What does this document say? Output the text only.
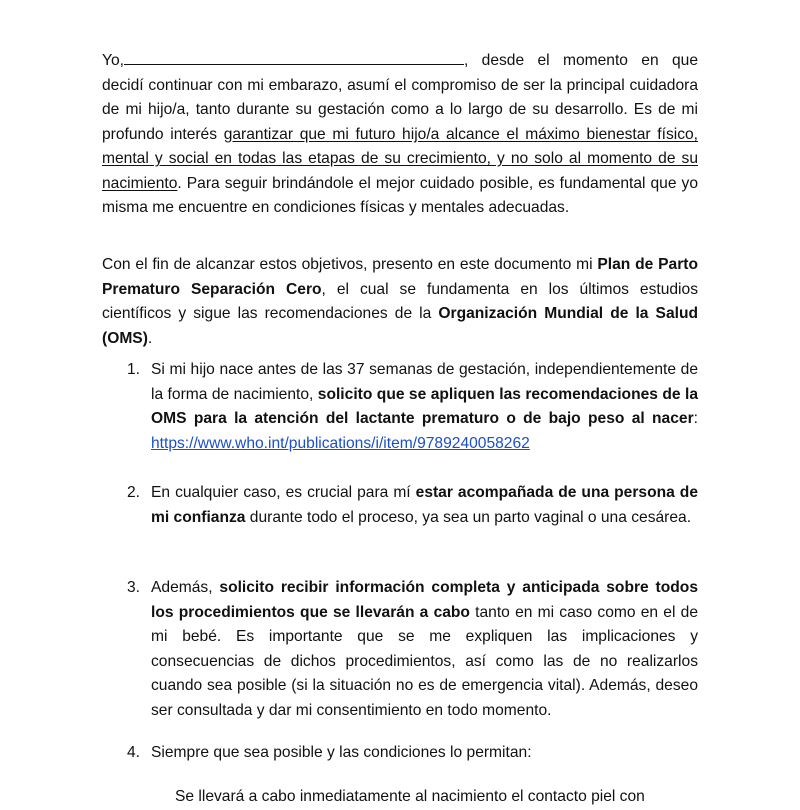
Yo,	, desde el momento en que decidí continuar con mi embarazo, asumí el compromiso de ser la principal cuidadora de mi hijo/a, tanto durante su gestación como a lo largo de su desarrollo. Es de mi profundo interés garantizar que mi futuro hijo/a alcance el máximo bienestar físico, mental y social en todas las etapas de su crecimiento, y no solo al momento de su nacimiento. Para seguir brindándole el mejor cuidado posible, es fundamental que yo misma me encuentre en condiciones físicas y mentales adecuadas.

Con el fin de alcanzar estos objetivos, presento en este documento mi Plan de Parto Prematuro Separación Cero, el cual se fundamenta en los últimos estudios científicos y sigue las recomendaciones de la Organización Mundial de la Salud (OMS).

1. Si mi hijo nace antes de las 37 semanas de gestación, independientemente de la forma de nacimiento, solicito que se apliquen las recomendaciones de la OMS para la atención del lactante prematuro o de bajo peso al nacer: https://www.who.int/publications/i/item/9789240058262
2. En cualquier caso, es crucial para mí estar acompañada de una persona de mi confianza durante todo el proceso, ya sea un parto vaginal o una cesárea.
3. Además, solicito recibir información completa y anticipada sobre todos los procedimientos que se llevarán a cabo tanto en mi caso como en el de mi bebé. Es importante que se me expliquen las implicaciones y consecuencias de dichos procedimientos, así como las de no realizarlos cuando sea posible (si la situación no es de emergencia vital). Además, deseo ser consultada y dar mi consentimiento en todo momento.
4. Siempre que sea posible y las condiciones lo permitan:
Se llevará a cabo inmediatamente al nacimiento el contacto piel con
